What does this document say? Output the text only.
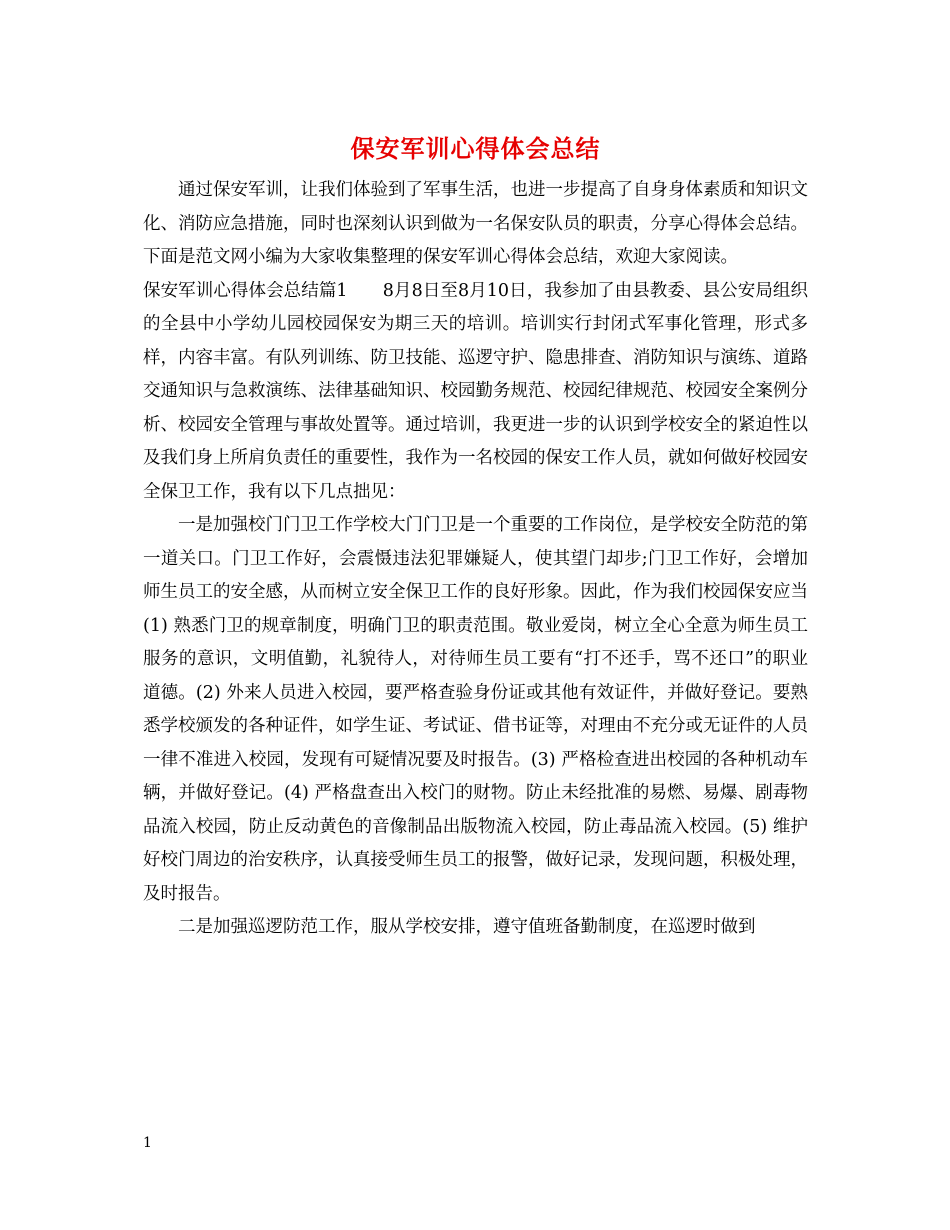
保安军训心得体会总结

通过保安军训，让我们体验到了军事生活，也进一步提高了自身身体素质和知识文化、消防应急措施，同时也深刻认识到做为一名保安队员的职责，分享心得体会总结。 下面是范文网小编为大家收集整理的保安军训心得体会总结，欢迎大家阅读。

保安军训心得体会总结篇1　　8月8日至8月10日，我参加了由县教委、县公安局组织的全县中小学幼儿园校园保安为期三天的培训。培训实行封闭式军事化管理，形式多样，内容丰富。有队列训练、防卫技能、巡逻守护、隐患排查、消防知识与演练、道路交通知识与急救演练、法律基础知识、校园勤务规范、校园纪律规范、校园安全案例分析、校园安全管理与事故处置等。通过培训，我更进一步的认识到学校安全的紧迫性以及我们身上所肩负责任的重要性，我作为一名校园的保安工作人员，就如何做好校园安全保卫工作，我有以下几点拙见：

一是加强校门门卫工作学校大门门卫是一个重要的工作岗位，是学校安全防范的第一道关口。门卫工作好，会震慑违法犯罪嫌疑人，使其望门却步;门卫工作好，会增加师生员工的安全感，从而树立安全保卫工作的良好形象。因此，作为我们校园保安应当(1) 熟悉门卫的规章制度，明确门卫的职责范围。敬业爱岗，树立全心全意为师生员工服务的意识，文明值勤，礼貌待人，对待师生员工要有“打不还手，骂不还口”的职业道德。(2) 外来人员进入校园，要严格查验身份证或其他有效证件，并做好登记。要熟悉学校颁发的各种证件，如学生证、考试证、借书证等，对理由不充分或无证件的人员一律不准进入校园，发现有可疑情况要及时报告。(3) 严格检查进出校园的各种机动车辆，并做好登记。(4) 严格盘查出入校门的财物。防止未经批准的易燃、易爆、剧毒物品流入校园，防止反动黄色的音像制品出版物流入校园，防止毒品流入校园。(5) 维护好校门周边的治安秩序，认真接受师生员工的报警，做好记录，发现问题，积极处理，及时报告。

二是加强巡逻防范工作，服从学校安排，遵守值班备勤制度，在巡逻时做到

1
